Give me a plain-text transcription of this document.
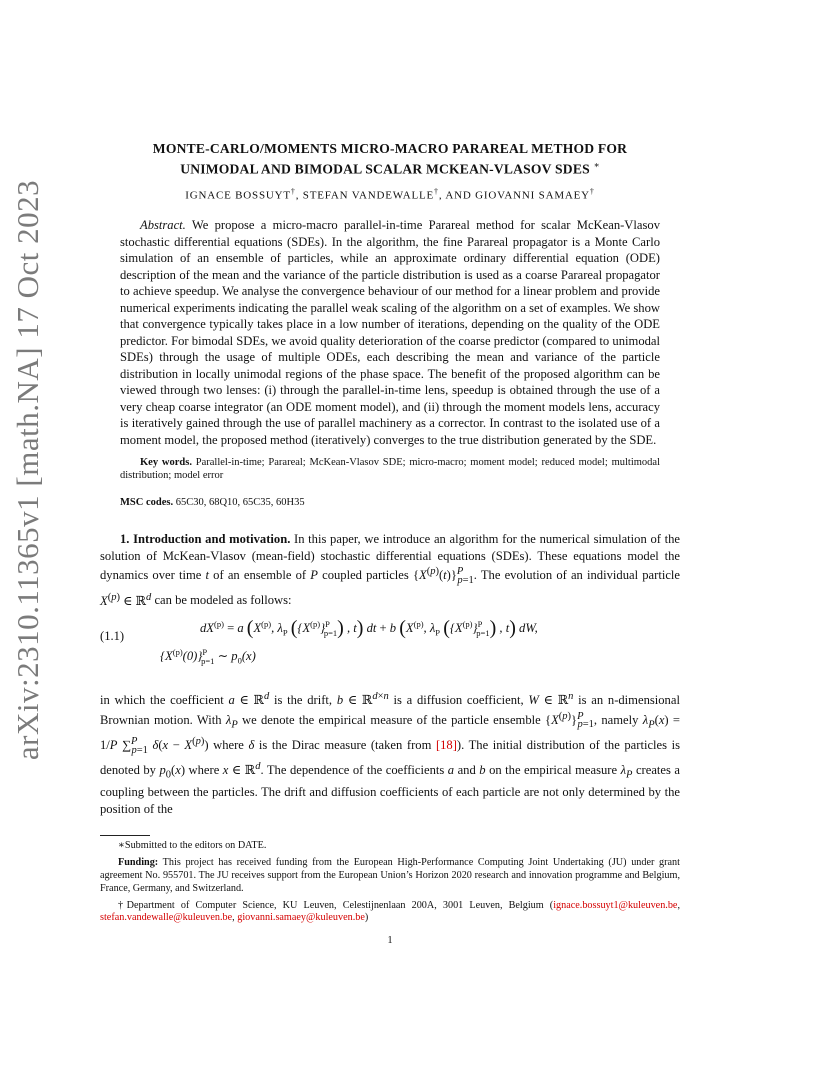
arXiv:2310.11365v1 [math.NA] 17 Oct 2023
MONTE-CARLO/MOMENTS MICRO-MACRO PARAREAL METHOD FOR
UNIMODAL AND BIMODAL SCALAR MCKEAN-VLASOV SDES ∗
IGNACE BOSSUYT†, STEFAN VANDEWALLE†, AND GIOVANNI SAMAEY†
Abstract. We propose a micro-macro parallel-in-time Parareal method for scalar McKean-Vlasov stochastic differential equations (SDEs). In the algorithm, the fine Parareal propagator is a Monte Carlo simulation of an ensemble of particles, while an approximate ordinary differential equation (ODE) description of the mean and the variance of the particle distribution is used as a coarse Parareal propagator to achieve speedup. We analyse the convergence behaviour of our method for a linear problem and provide numerical experiments indicating the parallel weak scaling of the algorithm on a set of examples. We show that convergence typically takes place in a low number of iterations, depending on the quality of the ODE predictor. For bimodal SDEs, we avoid quality deterioration of the coarse predictor (compared to unimodal SDEs) through the usage of multiple ODEs, each describing the mean and variance of the particle distribution in locally unimodal regions of the phase space. The benefit of the proposed algorithm can be viewed through two lenses: (i) through the parallel-in-time lens, speedup is obtained through the use of a very cheap coarse integrator (an ODE moment model), and (ii) through the moment models lens, accuracy is iteratively gained through the use of parallel machinery as a corrector. In contrast to the isolated use of a moment model, the proposed method (iteratively) converges to the true distribution generated by the SDE.
Key words. Parallel-in-time; Parareal; McKean-Vlasov SDE; micro-macro; moment model; reduced model; multimodal distribution; model error
MSC codes. 65C30, 68Q10, 65C35, 60H35
1. Introduction and motivation. In this paper, we introduce an algorithm for the numerical simulation of the solution of McKean-Vlasov (mean-field) stochastic differential equations (SDEs). These equations model the dynamics over time t of an ensemble of P coupled particles $\{X^{(p)}(t)\}^P_{p=1}$. The evolution of an individual particle $X^{(p)}$ ∈ ℝ$^d$ can be modeled as follows:
(1.1)
$dX^{(p)} = a$ ($X^{(p)}$, $\lambda_P$ $(\{X^{(p)}\}^P_{p=1})$ , t) dt + b ($X^{(p)}$, $\lambda_P$ $(\{X^{(p)}\}^P_{p=1})$ , t) dW,
$\{X^{(p)}(0)\}^P_{p=1}$ ∼ $p_0(x)$
in which the coefficient a ∈ ℝ$^d$ is the drift, b ∈ ℝ$^{d\times n}$ is a diffusion coefficient, W ∈ ℝ$^n$ is an n-dimensional Brownian motion. With $\lambda_P$ we denote the empirical measure of the particle ensemble $\{X^{(p)}\}^P_{p=1}$, namely $\lambda_P(x) = 1/P$ ∑$^P_{p=1}$ $\delta(x - X^{(p)})$ where δ is the Dirac measure (taken from [18]). The initial distribution of the particles is denoted by $p_0(x)$ where x ∈ ℝ$^d$. The dependence of the coefficients a and b on the empirical measure $\lambda_P$ creates a coupling between the particles. The drift and diffusion coefficients of each particle are not only determined by the position of the
∗Submitted to the editors on DATE.
Funding: This project has received funding from the European High-Performance Computing Joint Undertaking (JU) under grant agreement No. 955701. The JU receives support from the European Union’s Horizon 2020 research and innovation programme and Belgium, France, Germany, and Switzerland.
†Department of Computer Science, KU Leuven, Celestijnenlaan 200A, 3001 Leuven, Belgium (ignace.bossuyt1@kuleuven.be, stefan.vandewalle@kuleuven.be, giovanni.samaey@kuleuven.be)
1
